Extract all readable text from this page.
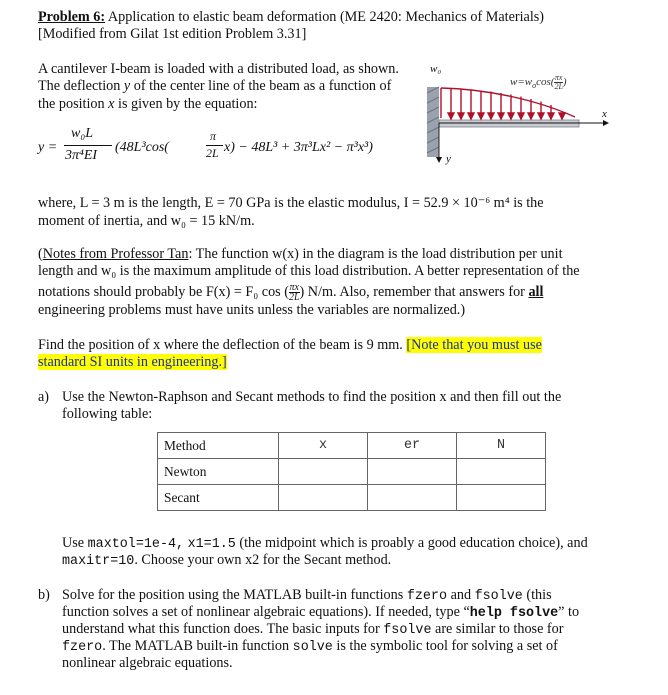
Problem 6: Application to elastic beam deformation (ME 2420: Mechanics of Materials)
[Modified from Gilat 1st edition Problem 3.31]
A cantilever I-beam is loaded with a distributed load, as shown.
The deflection y of the center line of the beam as a function of
the position x is given by the equation:
y =
w₀L
3π⁴EI
(48L³cos(
π
2L x) − 48L³ + 3π³Lx² − π³x³)
w₀
$w=w_o\cos( \frac{\pi x}{2L}$ )
x
y
where, L = 3 m is the length, E = 70 GPa is the elastic modulus, I = 52.9 × 10⁻⁶ m⁴ is the
moment of inertia, and w₀ = 15 kN/m.
(Notes from Professor Tan: The function w(x) in the diagram is the load distribution per unit
length and w₀ is the maximum amplitude of this load distribution. A better representation of the
notations should probably be F(x) = F₀ cos ( $\frac{\pi x}{2L}$ ) N/m. Also, remember that answers for all
engineering problems must have units unless the variables are normalized.)
Find the position of x where the deflection of the beam is 9 mm. [Note that you must use
standard SI units in engineering.]
a) Use the Newton-Raphson and Secant methods to find the position x and then fill out the
following table:
Method	x	er	N
Newton			
Secant			
Use maxtol=1e-4, x1=1.5 (the midpoint which is proably a good education choice), and
maxitr=10. Choose your own x2 for the Secant method.
b) Solve for the position using the MATLAB built-in functions fzero and fsolve (this
function solves a set of nonlinear algebraic equations). If needed, type “help fsolve” to
understand what this function does. The basic inputs for fsolve are similar to those for
fzero. The MATLAB built-in function solve is the symbolic tool for solving a set of
nonlinear algebraic equations.
